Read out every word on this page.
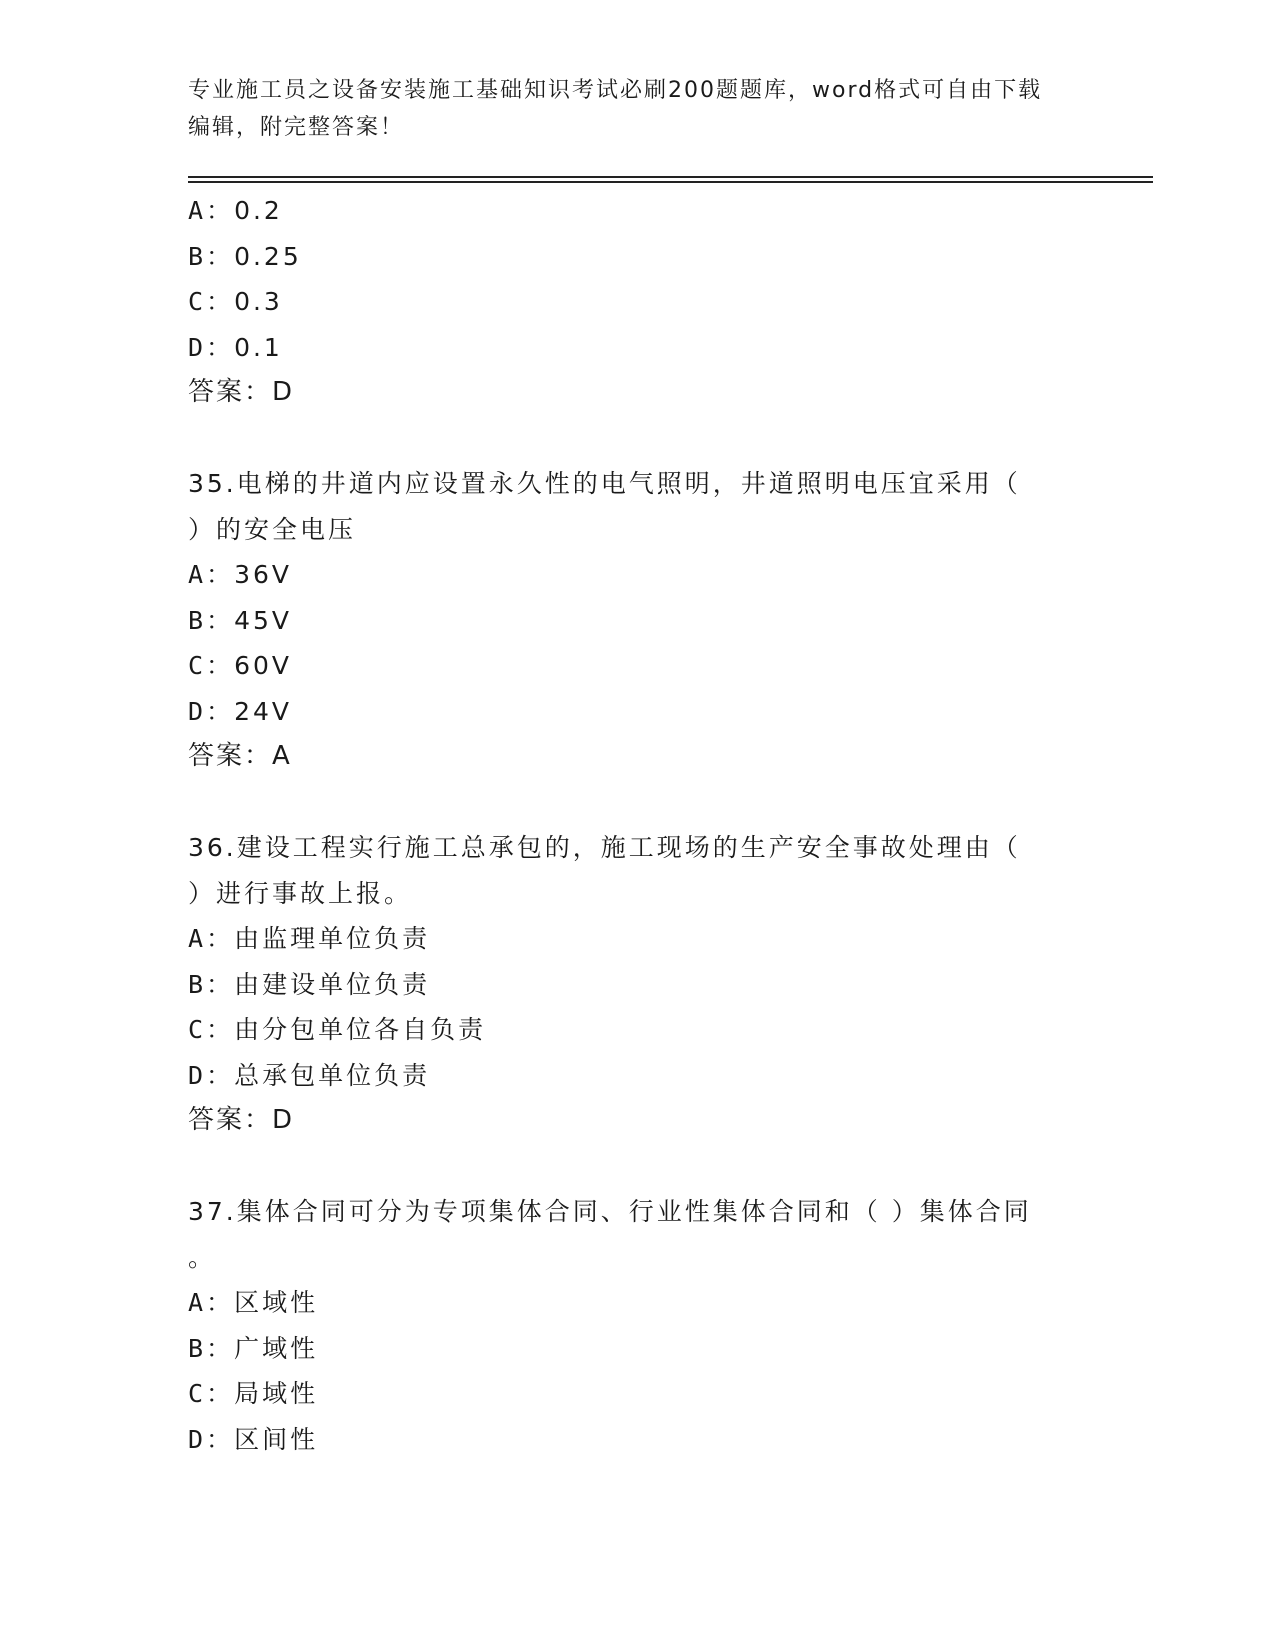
专业施工员之设备安装施工基础知识考试必刷200题题库，word格式可自由下载
编辑，附完整答案！
A：0.2
B：0.25
C：0.3
D：0.1
答案：D
35.电梯的井道内应设置永久性的电气照明，井道照明电压宜采用（
）的安全电压
A：36V
B：45V
C：60V
D：24V
答案：A
36.建设工程实行施工总承包的，施工现场的生产安全事故处理由（
）进行事故上报。
A：由监理单位负责
B：由建设单位负责
C：由分包单位各自负责
D：总承包单位负责
答案：D
37.集体合同可分为专项集体合同、行业性集体合同和（ ）集体合同
。
A：区域性
B：广域性
C：局域性
D：区间性
